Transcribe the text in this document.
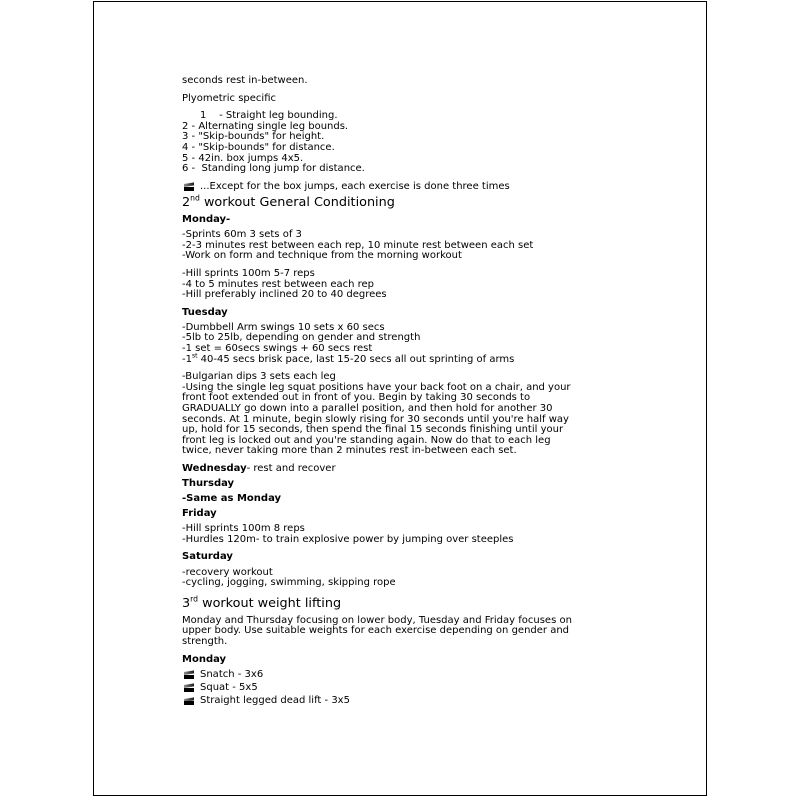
seconds rest in-between.
Plyometric specific
1    - Straight leg bounding.
2 - Alternating single leg bounds.
3 - "Skip-bounds" for height.
4 - "Skip-bounds" for distance.
5 - 42in. box jumps 4x5.
6 -  Standing long jump for distance.
...Except for the box jumps, each exercise is done three times
2nd workout General Conditioning
Monday-
-Sprints 60m 3 sets of 3
-2-3 minutes rest between each rep, 10 minute rest between each set
-Work on form and technique from the morning workout
-Hill sprints 100m 5-7 reps
-4 to 5 minutes rest between each rep
-Hill preferably inclined 20 to 40 degrees
Tuesday
-Dumbbell Arm swings 10 sets x 60 secs
-5lb to 25lb, depending on gender and strength
-1 set = 60secs swings + 60 secs rest
-1st 40-45 secs brisk pace, last 15-20 secs all out sprinting of arms
-Bulgarian dips 3 sets each leg
-Using the single leg squat positions have your back foot on a chair, and your
front foot extended out in front of you. Begin by taking 30 seconds to
GRADUALLY go down into a parallel position, and then hold for another 30
seconds. At 1 minute, begin slowly rising for 30 seconds until you're half way
up, hold for 15 seconds, then spend the final 15 seconds finishing until your
front leg is locked out and you're standing again. Now do that to each leg
twice, never taking more than 2 minutes rest in-between each set.
Wednesday- rest and recover
Thursday
-Same as Monday
Friday
-Hill sprints 100m 8 reps
-Hurdles 120m- to train explosive power by jumping over steeples
Saturday
-recovery workout
-cycling, jogging, swimming, skipping rope
3rd workout weight lifting
Monday and Thursday focusing on lower body, Tuesday and Friday focuses on
upper body. Use suitable weights for each exercise depending on gender and
strength.
Monday
Snatch - 3x6
Squat - 5x5
Straight legged dead lift - 3x5
